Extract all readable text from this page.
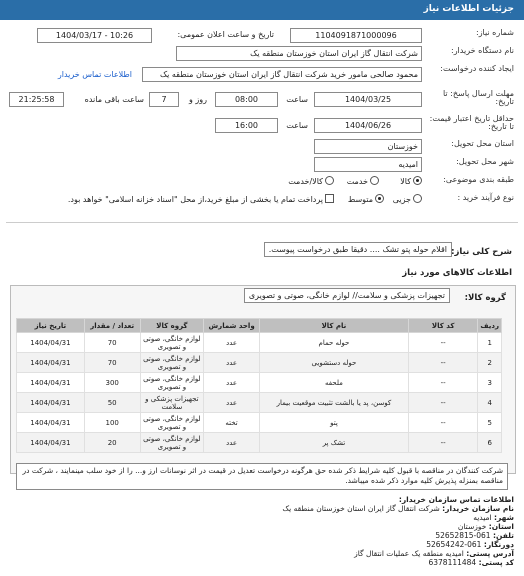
جزئیات اطلاعات نیاز
شماره نیاز:
1104091871000096
تاریخ و ساعت اعلان عمومی:
1404/03/17 - 10:26
نام دستگاه خریدار:
شرکت انتقال گاز ایران استان خوزستان منطقه یک
ایجاد کننده درخواست:
محمود صالحی مامور خرید شرکت انتقال گاز ایران استان خوزستان منطقه یک
اطلاعات تماس خریدار
مهلت ارسال پاسخ: تا تاریخ:
1404/03/25
ساعت
08:00
روز و
7
ساعت باقی مانده
21:25:58
حداقل تاریخ اعتبار قیمت: تا تاریخ:
1404/06/26
ساعت
16:00
استان محل تحویل:
خوزستان
شهر محل تحویل:
امیدیه
طبقه بندی موضوعی:
کالا
خدمت
کالا/خدمت
نوع فرآیند خرید :
جزیی
متوسط
پرداخت تمام یا بخشی از مبلغ خرید،از محل "اسناد خزانه اسلامی" خواهد بود.
شرح کلی نیاز:
اقلام حوله پتو تشک .... دقیقا طبق درخواست پیوست.
اطلاعات کالاهای مورد نیاز
گروه کالا:
تجهیزات پزشکی و سلامت// لوازم خانگی، صوتی و تصویری
ردیف	کد کالا	نام کالا	واحد شمارش	گروه کالا	تعداد / مقدار	تاریخ نیاز
1	--	حوله حمام	عدد	لوازم خانگی، صوتی و تصویری	70	1404/04/31
2	--	حوله دستشویی	عدد	لوازم خانگی، صوتی و تصویری	70	1404/04/31
3	--	ملحفه	عدد	لوازم خانگی، صوتی و تصویری	300	1404/04/31
4	--	کوسن، پد یا بالشت تثبیت موقعیت بیمار	عدد	تجهیزات پزشکی و سلامت	50	1404/04/31
5	--	پتو	تخته	لوازم خانگی، صوتی و تصویری	100	1404/04/31
6	--	تشک پر	عدد	لوازم خانگی، صوتی و تصویری	20	1404/04/31
شرکت کنندگان در مناقصه با قبول کلیه شرایط ذکر شده حق هرگونه درخواست تعدیل در قیمت در اثر نوسانات ارز و... را از خود سلب مینمایند ، شرکت در مناقصه بمنزله پذیرش کلیه موارد ذکر شده میباشد.
اطلاعات تماس سازمان خریدار:
نام سازمان خریدار: شرکت انتقال گاز ایران استان خوزستان منطقه یک
شهر: امیدیه
استان: خوزستان
تلفن: 061-52652815
دورنگار: 061-52654242
آدرس پستی: امیدیه منطقه یک عملیات انتقال گاز
کد پستی: 6378111484
